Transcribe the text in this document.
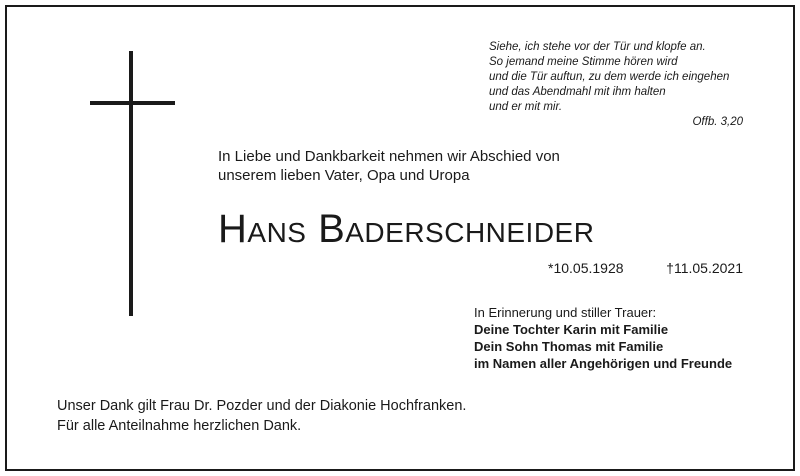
Siehe, ich stehe vor der Tür und klopfe an.
So jemand meine Stimme hören wird
und die Tür auftun, zu dem werde ich eingehen
und das Abendmahl mit ihm halten
und er mit mir.
Offb. 3,20
In Liebe und Dankbarkeit nehmen wir Abschied von
unserem lieben Vater, Opa und Uropa
Hans Baderschneider
*10.05.1928	†11.05.2021
In Erinnerung und stiller Trauer:
Deine Tochter Karin mit Familie
Dein Sohn Thomas mit Familie
im Namen aller Angehörigen und Freunde
Unser Dank gilt Frau Dr. Pozder und der Diakonie Hochfranken.
Für alle Anteilnahme herzlichen Dank.
